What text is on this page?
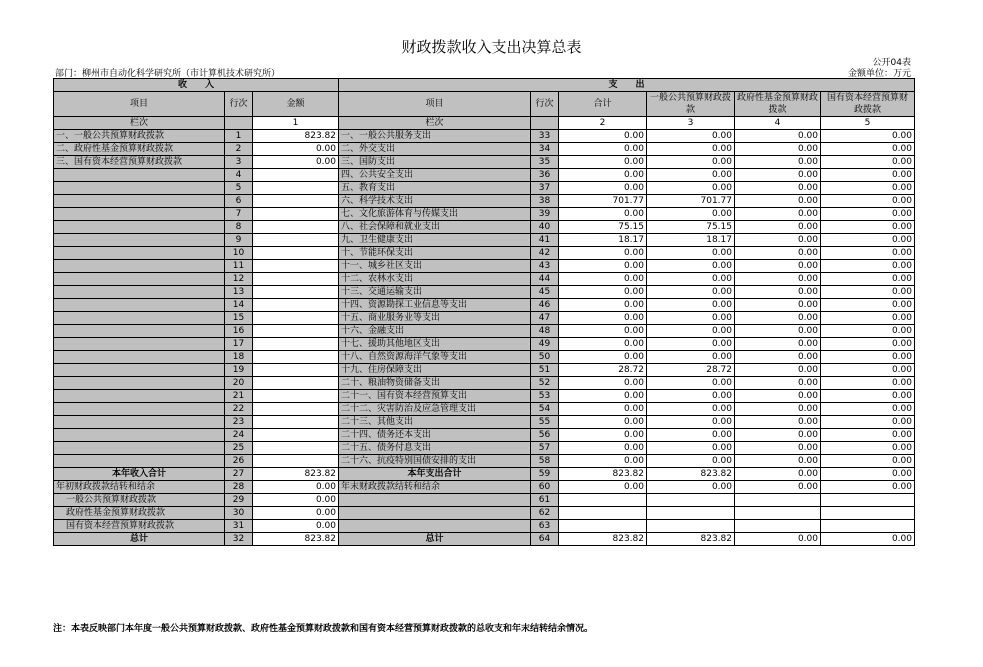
财政拨款收入支出决算总表
公开04表
部门：柳州市自动化科学研究所（市计算机技术研究所）	金额单位：万元
收　　入			支　　出					
项目	行次	金额	项目	行次	合计	一般公共预算财政拨款	政府性基金预算财政拨款	国有资本经营预算财政拨款
栏次		1	栏次		2	3	4	5
一、一般公共预算财政拨款	1	823.82	一、一般公共服务支出	33	0.00	0.00	0.00	0.00
二、政府性基金预算财政拨款	2	0.00	二、外交支出	34	0.00	0.00	0.00	0.00
三、国有资本经营预算财政拨款	3	0.00	三、国防支出	35	0.00	0.00	0.00	0.00
	4		四、公共安全支出	36	0.00	0.00	0.00	0.00
	5		五、教育支出	37	0.00	0.00	0.00	0.00
	6		六、科学技术支出	38	701.77	701.77	0.00	0.00
	7		七、文化旅游体育与传媒支出	39	0.00	0.00	0.00	0.00
	8		八、社会保障和就业支出	40	75.15	75.15	0.00	0.00
	9		九、卫生健康支出	41	18.17	18.17	0.00	0.00
	10		十、节能环保支出	42	0.00	0.00	0.00	0.00
	11		十一、城乡社区支出	43	0.00	0.00	0.00	0.00
	12		十二、农林水支出	44	0.00	0.00	0.00	0.00
	13		十三、交通运输支出	45	0.00	0.00	0.00	0.00
	14		十四、资源勘探工业信息等支出	46	0.00	0.00	0.00	0.00
	15		十五、商业服务业等支出	47	0.00	0.00	0.00	0.00
	16		十六、金融支出	48	0.00	0.00	0.00	0.00
	17		十七、援助其他地区支出	49	0.00	0.00	0.00	0.00
	18		十八、自然资源海洋气象等支出	50	0.00	0.00	0.00	0.00
	19		十九、住房保障支出	51	28.72	28.72	0.00	0.00
	20		二十、粮油物资储备支出	52	0.00	0.00	0.00	0.00
	21		二十一、国有资本经营预算支出	53	0.00	0.00	0.00	0.00
	22		二十二、灾害防治及应急管理支出	54	0.00	0.00	0.00	0.00
	23		二十三、其他支出	55	0.00	0.00	0.00	0.00
	24		二十四、债务还本支出	56	0.00	0.00	0.00	0.00
	25		二十五、债务付息支出	57	0.00	0.00	0.00	0.00
	26		二十六、抗疫特别国债安排的支出	58	0.00	0.00	0.00	0.00
本年收入合计	27	823.82	本年支出合计	59	823.82	823.82	0.00	0.00
年初财政拨款结转和结余	28	0.00	年末财政拨款结转和结余	60	0.00	0.00	0.00	0.00
一般公共预算财政拨款	29	0.00		61				
政府性基金预算财政拨款	30	0.00		62				
国有资本经营预算财政拨款	31	0.00		63				
总计	32	823.82	总计	64	823.82	823.82	0.00	0.00
注：本表反映部门本年度一般公共预算财政拨款、政府性基金预算财政拨款和国有资本经营预算财政拨款的总收支和年末结转结余情况。
